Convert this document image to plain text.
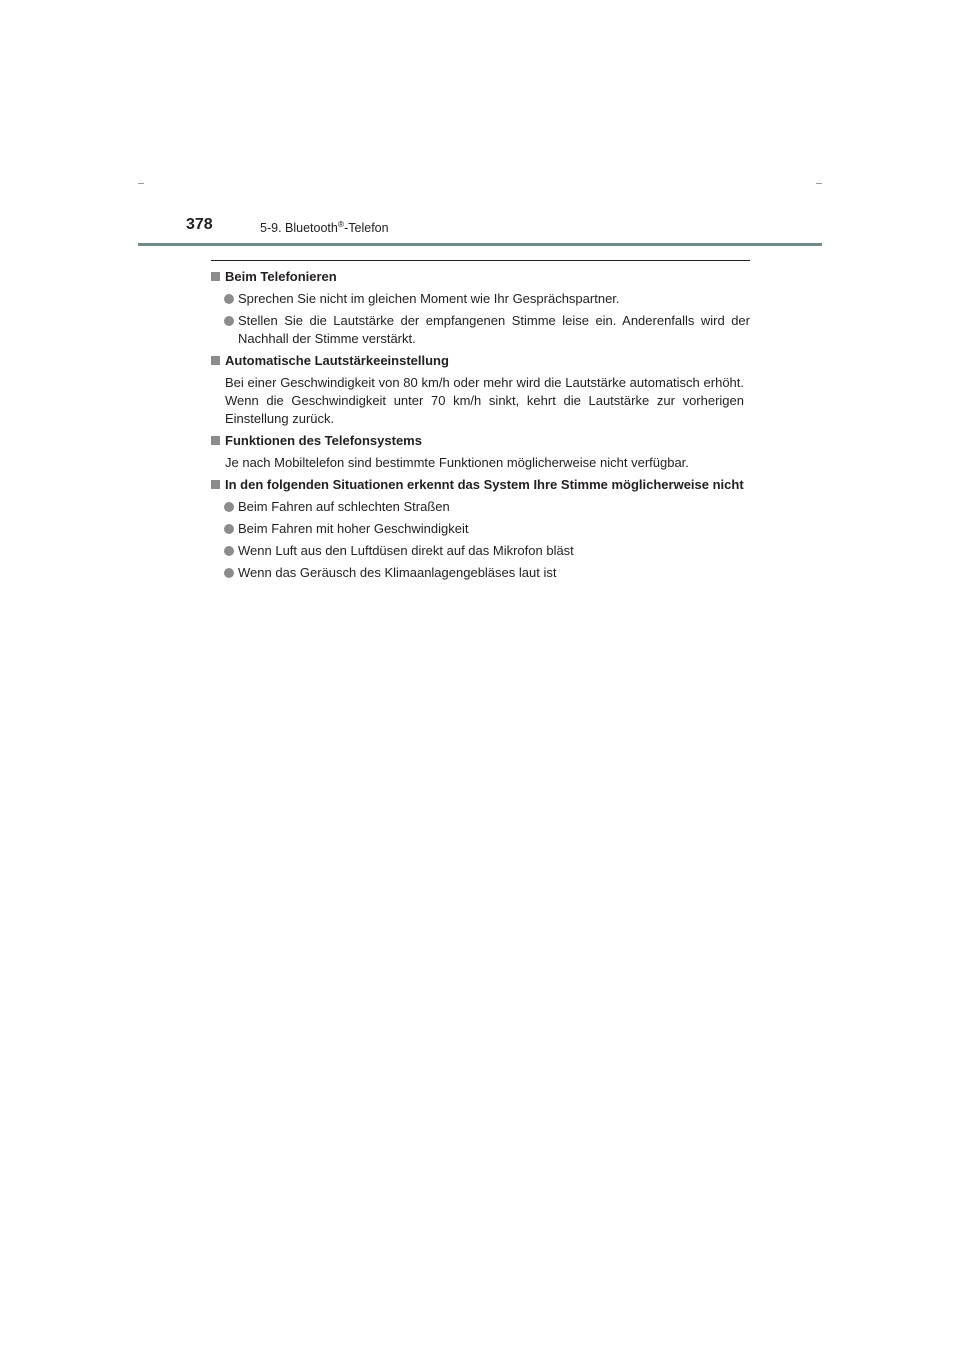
378	5-9. Bluetooth®-Telefon
Beim Telefonieren
Sprechen Sie nicht im gleichen Moment wie Ihr Gesprächspartner.
Stellen Sie die Lautstärke der empfangenen Stimme leise ein. Anderenfalls wird der Nachhall der Stimme verstärkt.
Automatische Lautstärkeeinstellung
Bei einer Geschwindigkeit von 80 km/h oder mehr wird die Lautstärke automatisch erhöht. Wenn die Geschwindigkeit unter 70 km/h sinkt, kehrt die Lautstärke zur vorherigen Einstellung zurück.
Funktionen des Telefonsystems
Je nach Mobiltelefon sind bestimmte Funktionen möglicherweise nicht verfügbar.
In den folgenden Situationen erkennt das System Ihre Stimme möglicherweise nicht
Beim Fahren auf schlechten Straßen
Beim Fahren mit hoher Geschwindigkeit
Wenn Luft aus den Luftdüsen direkt auf das Mikrofon bläst
Wenn das Geräusch des Klimaanlagengebläses laut ist
